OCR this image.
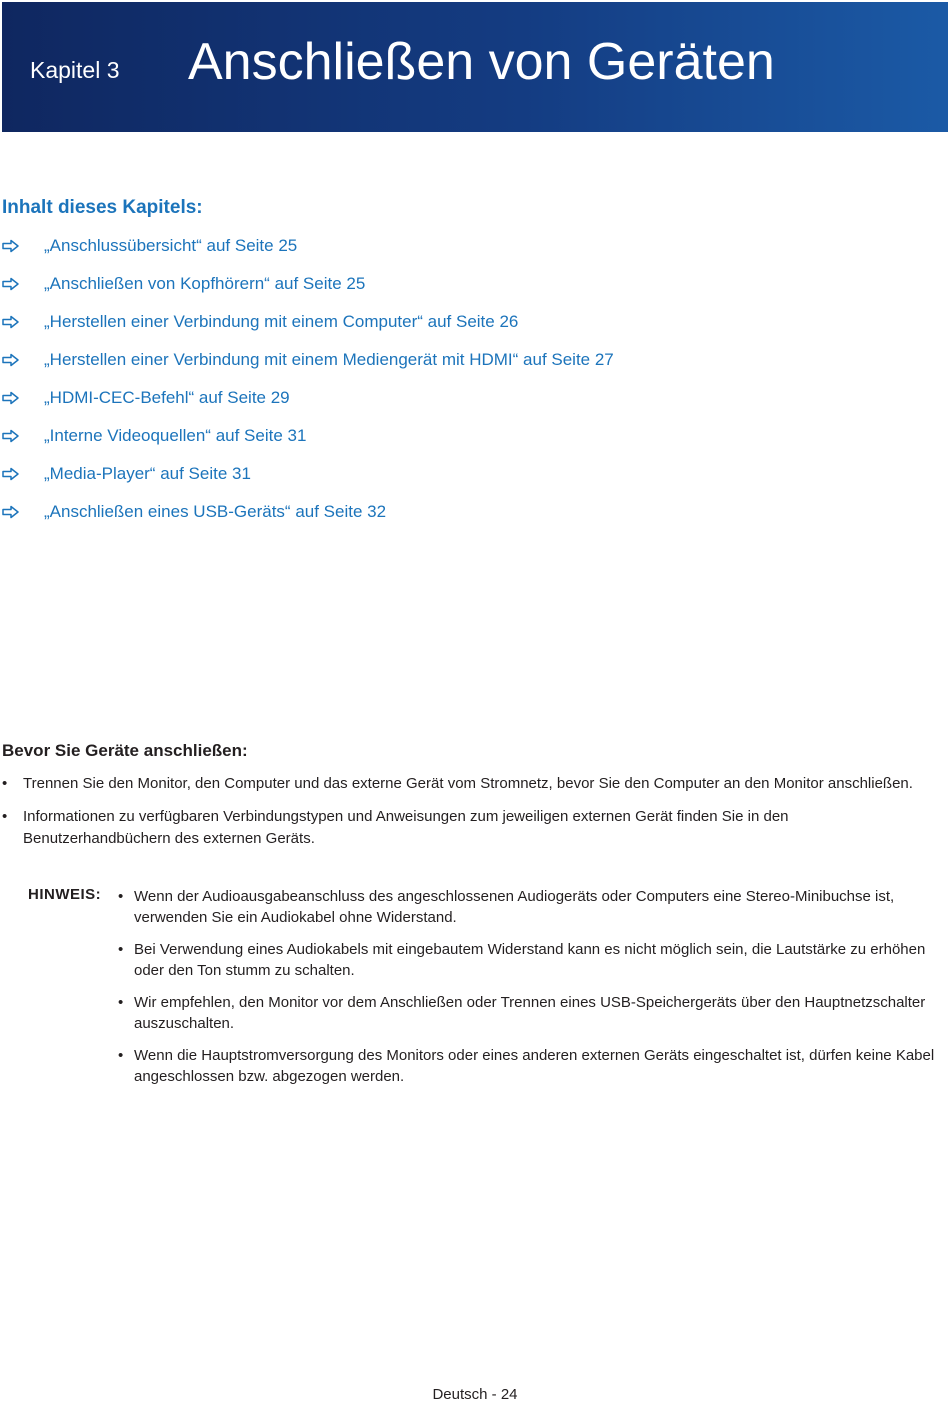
Kapitel 3 Anschließen von Geräten
Inhalt dieses Kapitels:
„Anschlussübersicht“ auf Seite 25
„Anschließen von Kopfhörern“ auf Seite 25
„Herstellen einer Verbindung mit einem Computer“ auf Seite 26
„Herstellen einer Verbindung mit einem Mediengerät mit HDMI“ auf Seite 27
„HDMI-CEC-Befehl“ auf Seite 29
„Interne Videoquellen“ auf Seite 31
„Media-Player“ auf Seite 31
„Anschließen eines USB-Geräts“ auf Seite 32
Bevor Sie Geräte anschließen:
• Trennen Sie den Monitor, den Computer und das externe Gerät vom Stromnetz, bevor Sie den Computer an den Monitor anschließen.
• Informationen zu verfügbaren Verbindungstypen und Anweisungen zum jeweiligen externen Gerät finden Sie in den Benutzerhandbüchern des externen Geräts.
HINWEIS: • Wenn der Audioausgabeanschluss des angeschlossenen Audiogeräts oder Computers eine Stereo-Minibuchse ist, verwenden Sie ein Audiokabel ohne Widerstand.
• Bei Verwendung eines Audiokabels mit eingebautem Widerstand kann es nicht möglich sein, die Lautstärke zu erhöhen oder den Ton stumm zu schalten.
• Wir empfehlen, den Monitor vor dem Anschließen oder Trennen eines USB-Speichergeräts über den Hauptnetzschalter auszuschalten.
• Wenn die Hauptstromversorgung des Monitors oder eines anderen externen Geräts eingeschaltet ist, dürfen keine Kabel angeschlossen bzw. abgezogen werden.
Deutsch - 24
